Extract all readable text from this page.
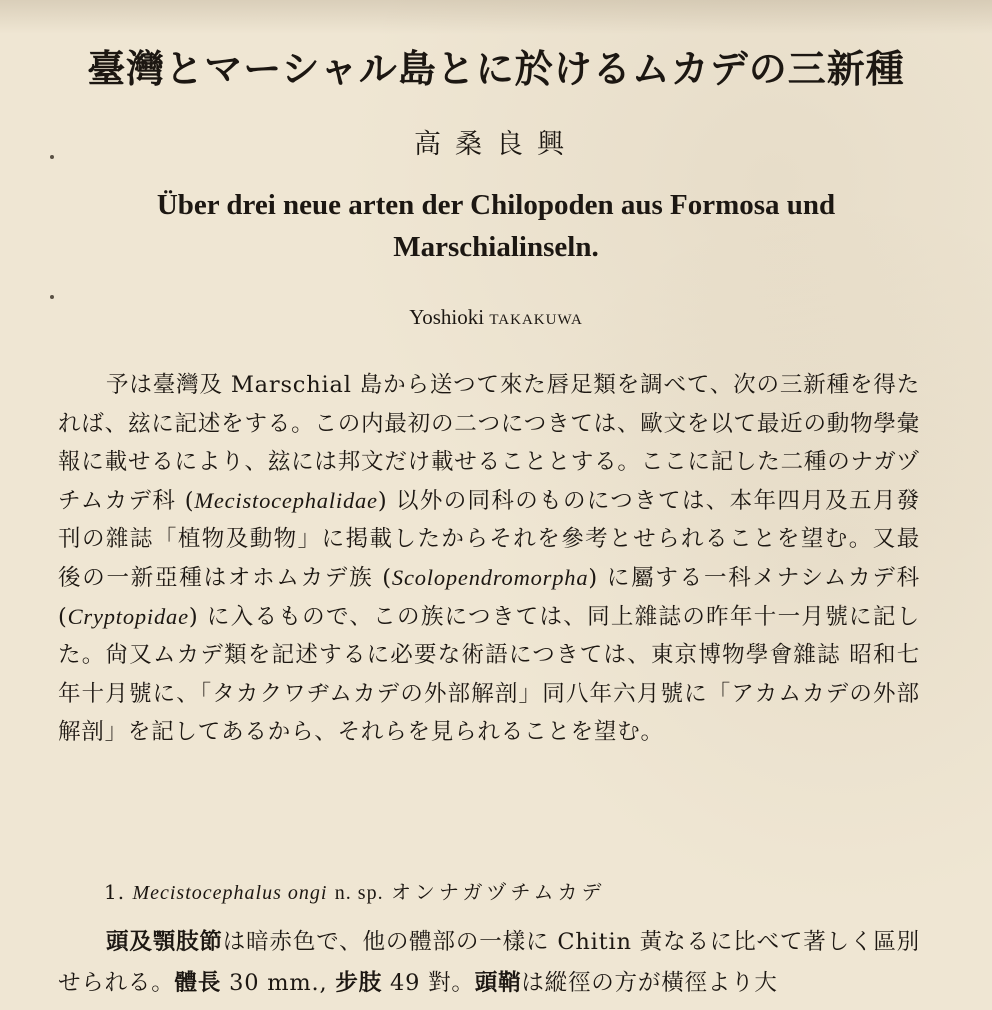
臺灣とマーシャル島とに於けるムカデの三新種
高桑良興
Über drei neue arten der Chilopoden aus Formosa und Marschialinseln.
Yoshioki takakuwa
予は臺灣及 Marschial 島から送つて來た唇足類を調べて、次の三新種を得たれば、玆に記述をする。この内最初の二つにつきては、歐文を以て最近の動物學彙報に載せるにより、玆には邦文だけ載せることとする。ここに記した二種のナガヅチムカデ科 (Mecistocephalidae) 以外の同科のものにつきては、本年四月及五月發刊の雜誌「植物及動物」に掲載したからそれを參考とせられることを望む。又最後の一新亞種はオホムカデ族 (Scolopendromorpha) に屬する一科メナシムカデ科 (Cryptopidae) に入るもので、この族につきては、同上雜誌の昨年十一月號に記した。尙又ムカデ類を記述するに必要な術語につきては、東京博物學會雜誌 昭和七年十月號に、「タカクワヂムカデの外部解剖」同八年六月號に「アカムカデの外部解剖」を記してあるから、それらを見られることを望む。
1. Mecistocephalus ongi n. sp. オンナガヅチムカデ
頭及顎肢節は暗赤色で、他の體部の一樣に Chitin 黃なるに比べて著しく區別せられる。體長 30 mm., 步肢 49 對。頭鞘は縱徑の方が橫徑より大
